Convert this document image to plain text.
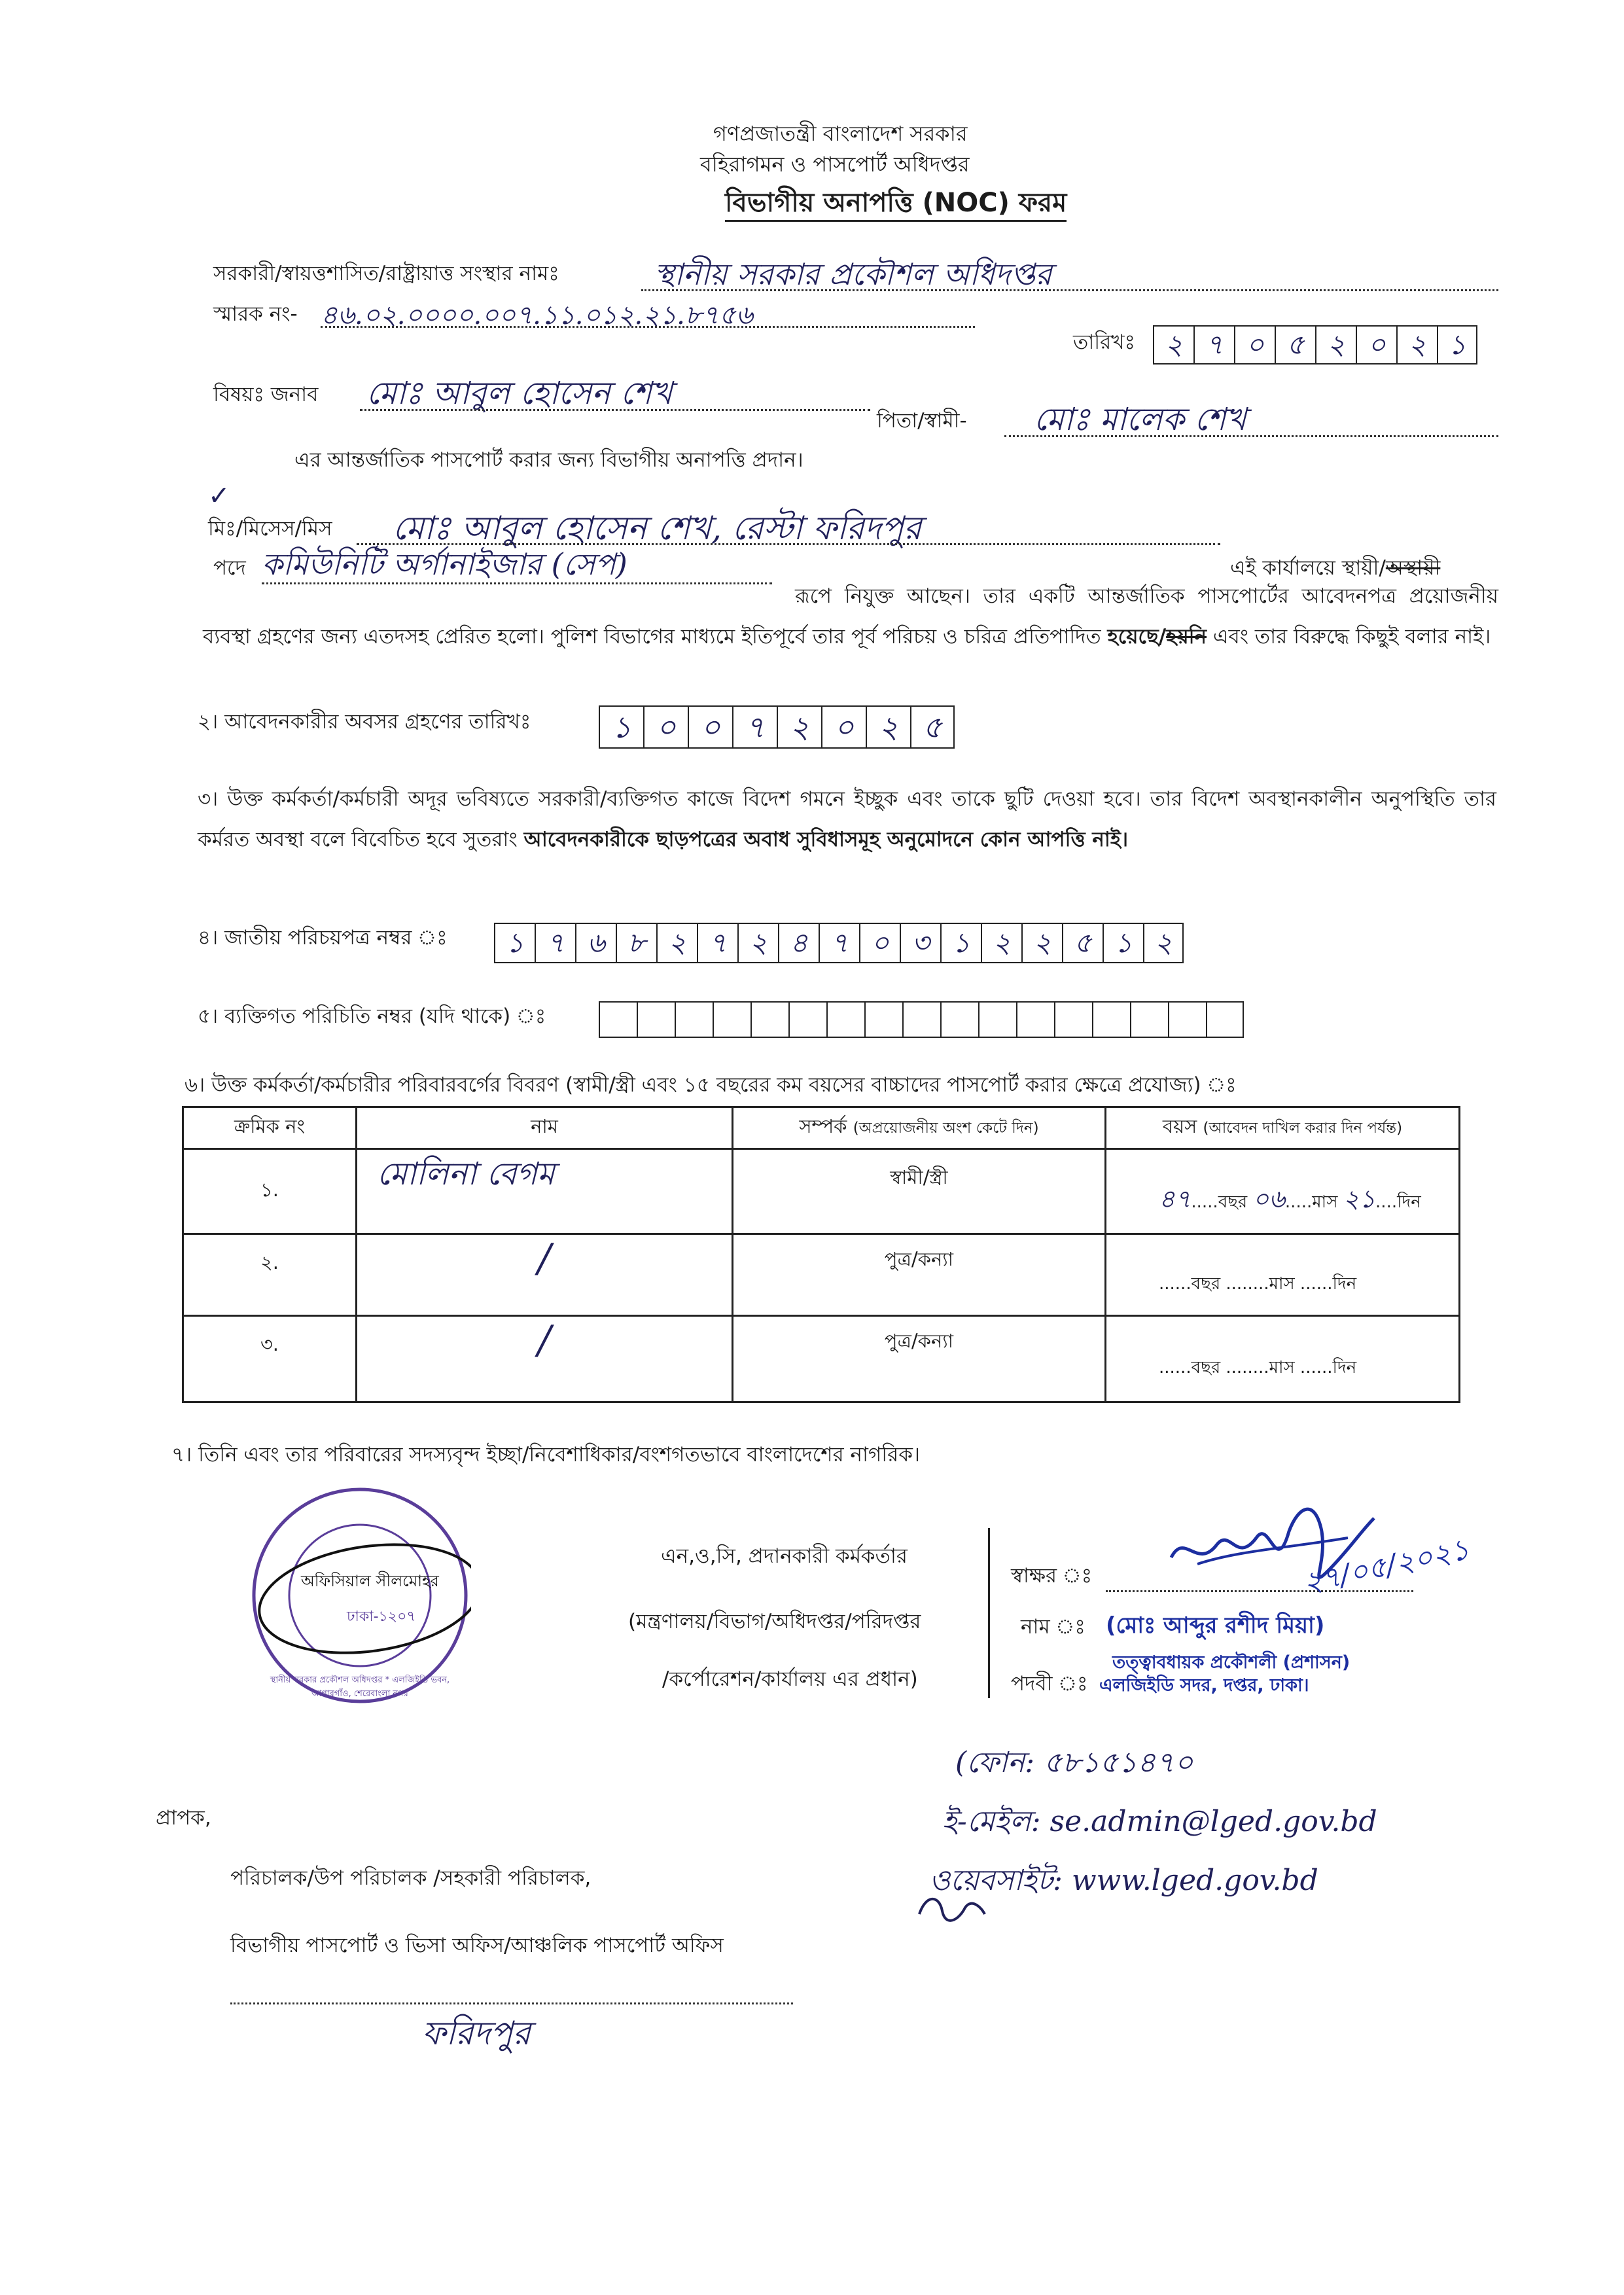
গণপ্রজাতন্ত্রী বাংলাদেশ সরকার
বহিরাগমন ও পাসপোর্ট অধিদপ্তর
বিভাগীয় অনাপত্তি (NOC) ফরম
সরকারী/স্বায়ত্তশাসিত/রাষ্ট্রায়াত্ত সংস্থার নামঃ	স্থানীয় সরকার প্রকৌশল অধিদপ্তর
স্মারক নং- ৪৬.০২.০০০০.০০৭.১১.০১২.২১.৮৭৫৬
তারিখঃ	২ ৭ ০ ৫ ২ ০ ২ ১
বিষয়ঃ জনাব মোঃ আবুল হোসেন শেখ
পিতা/স্বামী- মোঃ মালেক শেখ
এর আন্তর্জাতিক পাসপোর্ট করার জন্য বিভাগীয় অনাপত্তি প্রদান।
✓
মিঃ/মিসেস/মিস মোঃ আবুল হোসেন শেখ, রেস্টা ফরিদপুর
এই কার্যালয়ে স্থায়ী/অস্থায়ী
পদে কমিউনিটি অর্গানাইজার (সেপ)
রূপে নিযুক্ত আছেন। তার একটি আন্তর্জাতিক পাসপোর্টের আবেদনপত্র প্রয়োজনীয় ব্যবস্থা গ্রহণের জন্য এতদসহ প্রেরিত হলো। পুলিশ বিভাগের মাধ্যমে ইতিপূর্বে তার পূর্ব পরিচয় ও চরিত্র প্রতিপাদিত হয়েছে/হয়নি এবং তার বিরুদ্ধে কিছুই বলার নাই।
২। আবেদনকারীর অবসর গ্রহণের তারিখঃ	১ ০ ০ ৭ ২ ০ ২ ৫
৩। উক্ত কর্মকর্তা/কর্মচারী অদূর ভবিষ্যতে সরকারী/ব্যক্তিগত কাজে বিদেশ গমনে ইচ্ছুক এবং তাকে ছুটি দেওয়া হবে। তার বিদেশ অবস্থানকালীন অনুপস্থিতি তার কর্মরত অবস্থা বলে বিবেচিত হবে সুতরাং আবেদনকারীকে ছাড়পত্রের অবাধ সুবিধাসমূহ অনুমোদনে কোন আপত্তি নাই।
৪। জাতীয় পরিচয়পত্র নম্বর ঃ	১ ৭ ৬ ৮ ২ ৭ ২ ৪ ৭ ০ ৩ ১ ২ ২ ৫ ১ ২
৫। ব্যক্তিগত পরিচিতি নম্বর (যদি থাকে) ঃ
৬। উক্ত কর্মকর্তা/কর্মচারীর পরিবারবর্গের বিবরণ (স্বামী/স্ত্রী এবং ১৫ বছরের কম বয়সের বাচ্চাদের পাসপোর্ট করার ক্ষেত্রে প্রযোজ্য) ঃ
ক্রমিক নং	নাম	সম্পর্ক (অপ্রয়োজনীয় অংশ কেটে দিন)	বয়স (আবেদন দাখিল করার দিন পর্যন্ত)
১.	মোলিনা বেগম	স্বামী/স্ত্রী	৪৭.....বছর ০৬.....মাস ২১....দিন
২.	/	পুত্র/কন্যা	......বছর ........মাস ......দিন
৩.	/	পুত্র/কন্যা	......বছর ........মাস ......দিন
৭। তিনি এবং তার পরিবারের সদস্যবৃন্দ ইচ্ছা/নিবেশাধিকার/বংশগতভাবে বাংলাদেশের নাগরিক।
স্থানীয় সরকার প্রকৌশল অধিদপ্তর * এলজিইডি ভবন, আগারগাঁও, শেরেবাংলা নগর
অফিসিয়াল সীলমোহর
ঢাকা-১২০৭
এন,ও,সি, প্রদানকারী কর্মকর্তার
(মন্ত্রণালয়/বিভাগ/অধিদপ্তর/পরিদপ্তর
/কর্পোরেশন/কার্যালয় এর প্রধান)
স্বাক্ষর ঃ	২৭/০৫/২০২১
নাম ঃ (মোঃ আব্দুর রশীদ মিয়া)
তত্ত্বাবধায়ক প্রকৌশলী (প্রশাসন)
পদবী ঃ এলজিইডি সদর, দপ্তর, ঢাকা।
(ফোন: ৫৮১৫১৪৭০
ই-মেইল: se.admin@lged.gov.bd
ওয়েবসাইট: www.lged.gov.bd
প্রাপক,
পরিচালক/উপ পরিচালক /সহকারী পরিচালক,
বিভাগীয় পাসপোর্ট ও ভিসা অফিস/আঞ্চলিক পাসপোর্ট অফিস
ফরিদপুর
